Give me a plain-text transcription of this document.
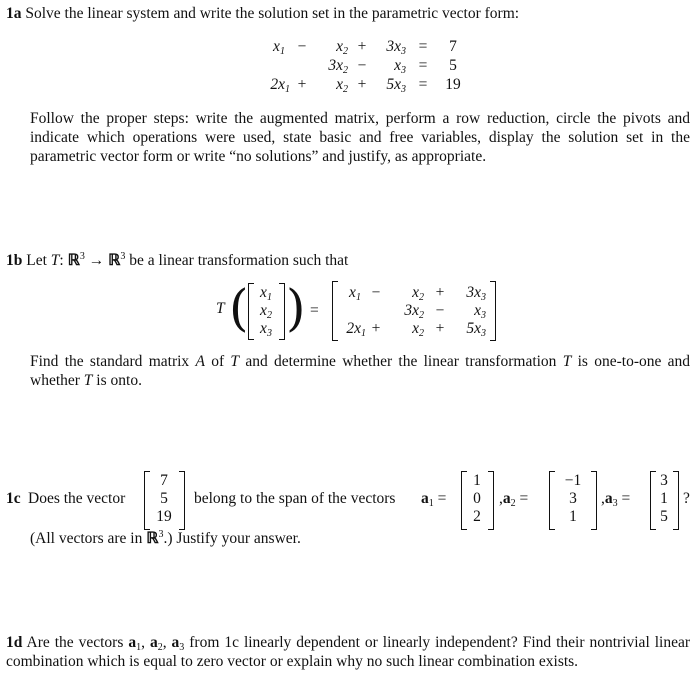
1a Solve the linear system and write the solution set in the parametric vector form:
$x_1$ −	$x_2$ +	$3x_3$ =	7
$3x_2$ −	$x_3$ =	5
$2x_1$ +	$x_2$ +	$5x_3 = 19$
Follow the proper steps: write the augmented matrix, perform a row reduction, circle the pivots and indicate which operations were used, state basic and free variables, display the solution set in the parametric vector form or write “no solutions” and justify, as appropriate.
1b Let T: ℝ$^3$ → ℝ$^3$ be a linear transformation such that
T ( $x_1$
$x_2$
$x_3$ ) =
$x_1$ −	$x_2$ +	$3x_3$
$3x_2$ −	$x_3$
$2x_1$ +	$x_2$ +	$5x_3$
Find the standard matrix A of T and determine whether the linear transformation T is one-to-one and whether T is onto.
1c Does the vector
7
5
19
belong to the span of the vectors $a_1$ =
1
0
2
$,a_2$ =
−1
3
1
$,a_3$ =
3
1
5
?
(All vectors are in ℝ$^3$.) Justify your answer.
1d Are the vectors $a_1$, $a_2$, $a_3$ from 1c linearly dependent or linearly independent? Find their nontrivial linear combination which is equal to zero vector or explain why no such linear combination exists.
